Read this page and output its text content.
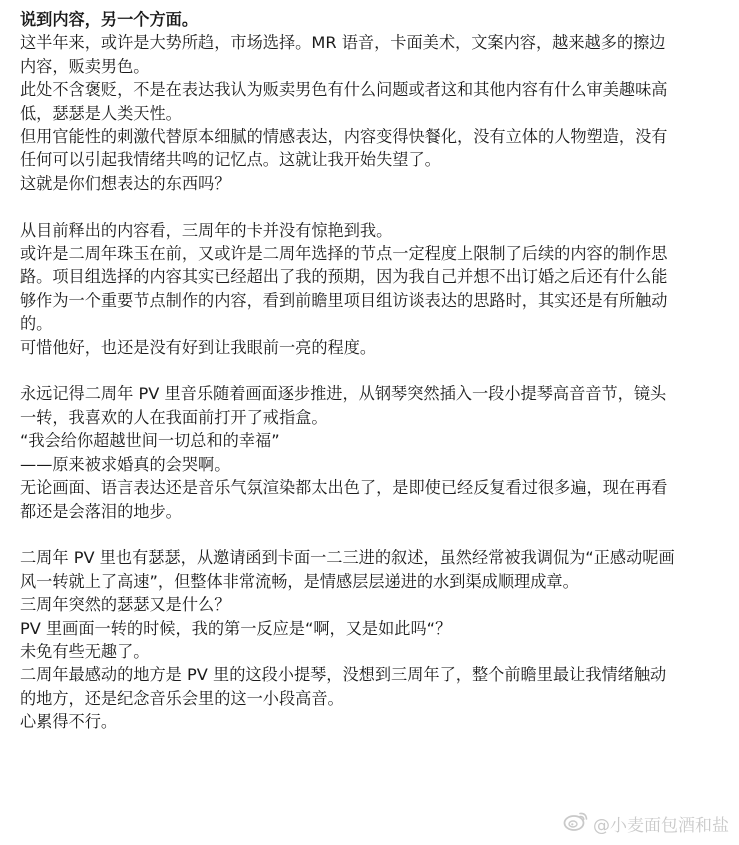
说到内容，另一个方面。

这半年来，或许是大势所趋，市场选择。MR 语音，卡面美术，文案内容，越来越多的擦边

内容，贩卖男色。

此处不含褒贬，不是在表达我认为贩卖男色有什么问题或者这和其他内容有什么审美趣味高

低，瑟瑟是人类天性。

但用官能性的刺激代替原本细腻的情感表达，内容变得快餐化，没有立体的人物塑造，没有

任何可以引起我情绪共鸣的记忆点。这就让我开始失望了。

这就是你们想表达的东西吗？

从目前释出的内容看，三周年的卡并没有惊艳到我。

或许是二周年珠玉在前，又或许是二周年选择的节点一定程度上限制了后续的内容的制作思

路。项目组选择的内容其实已经超出了我的预期，因为我自己并想不出订婚之后还有什么能

够作为一个重要节点制作的内容，看到前瞻里项目组访谈表达的思路时，其实还是有所触动

的。

可惜他好，也还是没有好到让我眼前一亮的程度。

永远记得二周年 PV 里音乐随着画面逐步推进，从钢琴突然插入一段小提琴高音音节，镜头

一转，我喜欢的人在我面前打开了戒指盒。

“我会给你超越世间一切总和的幸福”

——原来被求婚真的会哭啊。

无论画面、语言表达还是音乐气氛渲染都太出色了，是即使已经反复看过很多遍，现在再看

都还是会落泪的地步。

二周年 PV 里也有瑟瑟，从邀请函到卡面一二三进的叙述，虽然经常被我调侃为“正感动呢画

风一转就上了高速”，但整体非常流畅，是情感层层递进的水到渠成顺理成章。

三周年突然的瑟瑟又是什么？

PV 里画面一转的时候，我的第一反应是“啊，又是如此吗“？

未免有些无趣了。

二周年最感动的地方是 PV 里的这段小提琴，没想到三周年了，整个前瞻里最让我情绪触动

的地方，还是纪念音乐会里的这一小段高音。

心累得不行。

@小麦面包酒和盐
